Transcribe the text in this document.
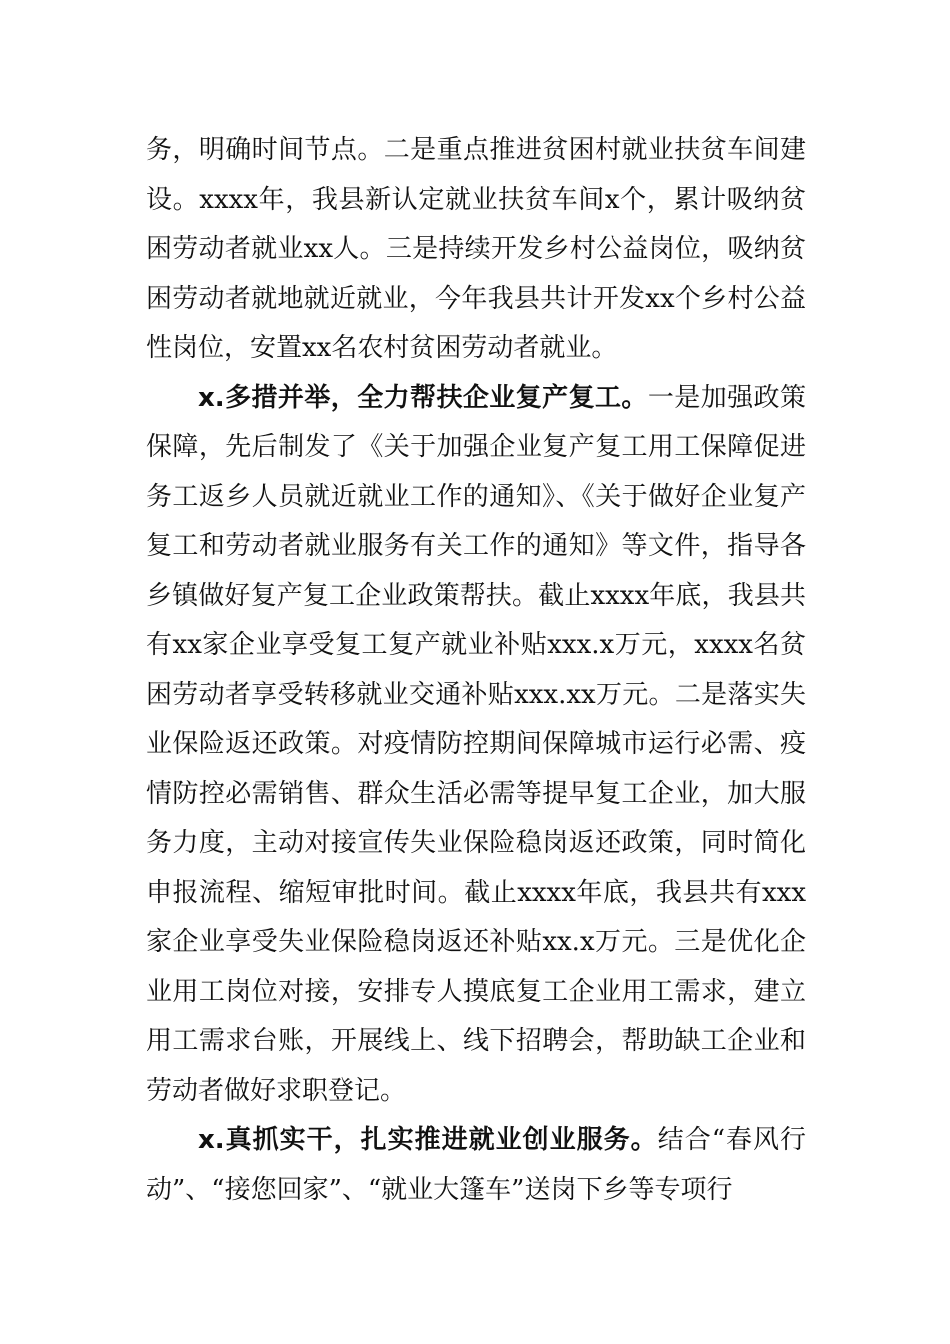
务，明确时间节点。二是重点推进贫困村就业扶贫车间建设。xxxx年，我县新认定就业扶贫车间x个，累计吸纳贫困劳动者就业xx人。三是持续开发乡村公益岗位，吸纳贫困劳动者就地就近就业，今年我县共计开发xx个乡村公益性岗位，安置xx名农村贫困劳动者就业。

x.多措并举，全力帮扶企业复产复工。一是加强政策保障，先后制发了《关于加强企业复产复工用工保障促进务工返乡人员就近就业工作的通知》、《关于做好企业复产复工和劳动者就业服务有关工作的通知》等文件，指导各乡镇做好复产复工企业政策帮扶。截止xxxx年底，我县共有xx家企业享受复工复产就业补贴xxx.x万元，xxxx名贫困劳动者享受转移就业交通补贴xxx.xx万元。二是落实失业保险返还政策。对疫情防控期间保障城市运行必需、疫情防控必需销售、群众生活必需等提早复工企业，加大服务力度，主动对接宣传失业保险稳岗返还政策，同时简化申报流程、缩短审批时间。截止xxxx年底，我县共有xxx家企业享受失业保险稳岗返还补贴xx.x万元。三是优化企业用工岗位对接，安排专人摸底复工企业用工需求，建立用工需求台账，开展线上、线下招聘会，帮助缺工企业和劳动者做好求职登记。

x.真抓实干，扎实推进就业创业服务。结合“春风行动”、“接您回家”、“就业大篷车”送岗下乡等专项行
